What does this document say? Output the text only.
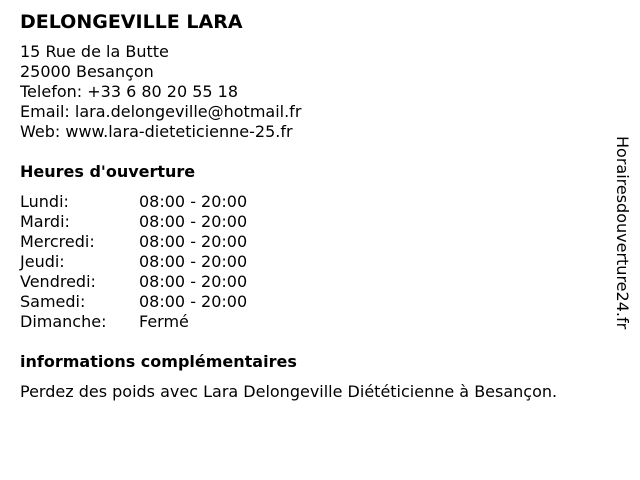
DELONGEVILLE LARA
15 Rue de la Butte
25000 Besançon
Telefon: +33 6 80 20 55 18
Email: lara.delongeville@hotmail.fr
Web: www.lara-dieteticienne-25.fr
Heures d'ouverture
Lundi:	08:00 - 20:00
Mardi:	08:00 - 20:00
Mercredi:	08:00 - 20:00
Jeudi:	08:00 - 20:00
Vendredi:	08:00 - 20:00
Samedi:	08:00 - 20:00
Dimanche: Fermé
informations complémentaires
Perdez des poids avec Lara Delongeville Diététicienne à Besançon.
Horairesdouverture24.fr
